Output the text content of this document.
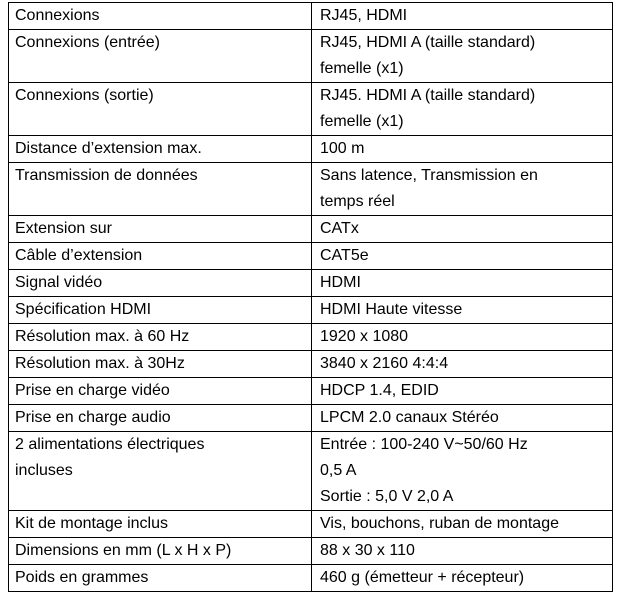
Connexions	RJ45, HDMI
Connexions (entrée)	RJ45, HDMI A (taille standard)
femelle (x1)
Connexions (sortie)	RJ45. HDMI A (taille standard)
femelle (x1)
Distance d’extension max.	100 m
Transmission de données	Sans latence, Transmission en
temps réel
Extension sur	CATx
Câble d’extension	CAT5e
Signal vidéo	HDMI
Spécification HDMI	HDMI Haute vitesse
Résolution max. à 60 Hz	1920 x 1080
Résolution max. à 30Hz	3840 x 2160 4:4:4
Prise en charge vidéo	HDCP 1.4, EDID
Prise en charge audio	LPCM 2.0 canaux Stéréo
2 alimentations électriques
incluses	Entrée : 100-240 V~50/60 Hz
0,5 A
Sortie : 5,0 V 2,0 A
Kit de montage inclus	Vis, bouchons, ruban de montage
Dimensions en mm (L x H x P)	88 x 30 x 110
Poids en grammes	460 g (émetteur + récepteur)
